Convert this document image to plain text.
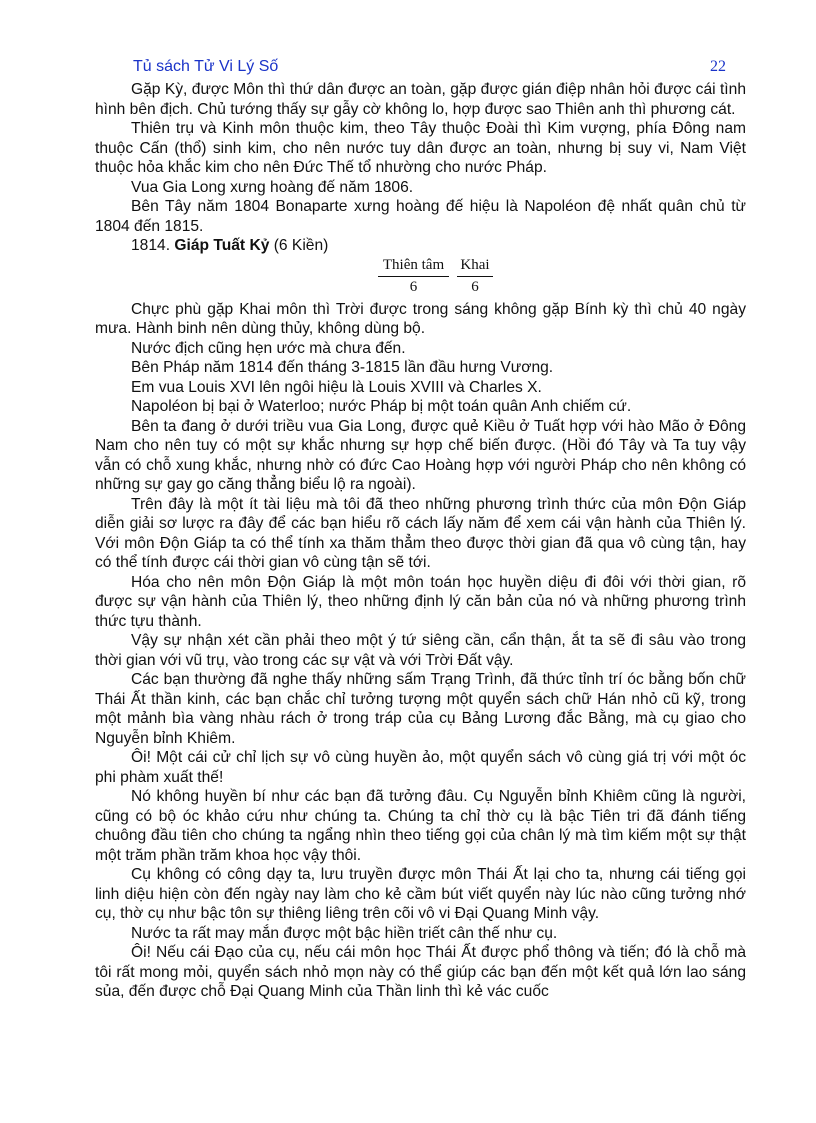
Tủ sách Tử Vi Lý Số	22

Gặp Kỳ, được Môn thì thứ dân được an toàn, gặp được gián điệp nhân hỏi được cái tình hình bên địch. Chủ tướng thấy sự gẫy cờ không lo, hợp được sao Thiên anh thì phương cát.

Thiên trụ và Kinh môn thuộc kim, theo Tây thuộc Đoài thì Kim vượng, phía Đông nam thuộc Cấn (thổ) sinh kim, cho nên nước tuy dân được an toàn, nhưng bị suy vi, Nam Việt thuộc hỏa khắc kim cho nên Đức Thế tổ nhường cho nước Pháp.

Vua Gia Long xưng hoàng đế năm 1806.

Bên Tây năm 1804 Bonaparte xưng hoàng đế hiệu là Napoléon đệ nhất quân chủ từ 1804 đến 1815.

1814. Giáp Tuất Kỷ (6 Kiền)

Thiên tâm
6
Khai
6

Chực phù gặp Khai môn thì Trời được trong sáng không gặp Bính kỳ thì chủ 40 ngày mưa. Hành binh nên dùng thủy, không dùng bộ.

Nước địch cũng hẹn ước mà chưa đến.

Bên Pháp năm 1814 đến tháng 3-1815 lần đầu hưng Vương.

Em vua Louis XVI lên ngôi hiệu là Louis XVIII và Charles X.

Napoléon bị bại ở Waterloo; nước Pháp bị một toán quân Anh chiếm cứ.

Bên ta đang ở dưới triều vua Gia Long, được quẻ Kiều ở Tuất hợp với hào Mão ở Đông Nam cho nên tuy có một sự khắc nhưng sự hợp chế biến được. (Hồi đó Tây và Ta tuy vậy vẫn có chỗ xung khắc, nhưng nhờ có đức Cao Hoàng hợp với người Pháp cho nên không có những sự gay go căng thẳng biểu lộ ra ngoài).

Trên đây là một ít tài liệu mà tôi đã theo những phương trình thức của môn Độn Giáp diễn giải sơ lược ra đây để các bạn hiểu rõ cách lấy năm để xem cái vận hành của Thiên lý. Với môn Độn Giáp ta có thể tính xa thăm thẳm theo được thời gian đã qua vô cùng tận, hay có thể tính được cái thời gian vô cùng tận sẽ tới.

Hóa cho nên môn Độn Giáp là một môn toán học huyền diệu đi đôi với thời gian, rõ được sự vận hành của Thiên lý, theo những định lý căn bản của nó và những phương trình thức tựu thành.

Vậy sự nhận xét cần phải theo một ý tứ siêng cần, cẩn thận, ắt ta sẽ đi sâu vào trong thời gian với vũ trụ, vào trong các sự vật và với Trời Đất vậy.

Các bạn thường đã nghe thấy những sấm Trạng Trình, đã thức tỉnh trí óc bằng bốn chữ Thái Ất thần kinh, các bạn chắc chỉ tưởng tượng một quyển sách chữ Hán nhỏ cũ kỹ, trong một mảnh bìa vàng nhàu rách ở trong tráp của cụ Bảng Lương đắc Bằng, mà cụ giao cho Nguyễn bỉnh Khiêm.

Ôi! Một cái cử chỉ lịch sự vô cùng huyền ảo, một quyển sách vô cùng giá trị với một óc phi phàm xuất thế!

Nó không huyền bí như các bạn đã tưởng đâu. Cụ Nguyễn bỉnh Khiêm cũng là người, cũng có bộ óc khảo cứu như chúng ta. Chúng ta chỉ thờ cụ là bậc Tiên tri đã đánh tiếng chuông đầu tiên cho chúng ta ngẩng nhìn theo tiếng gọi của chân lý mà tìm kiếm một sự thật một trăm phần trăm khoa học vậy thôi.

Cụ không có công dạy ta, lưu truyền được môn Thái Ất lại cho ta, nhưng cái tiếng gọi linh diệu hiện còn đến ngày nay làm cho kẻ cầm bút viết quyển này lúc nào cũng tưởng nhớ cụ, thờ cụ như bậc tôn sự thiêng liêng trên cõi vô vi Đại Quang Minh vậy.

Nước ta rất may mắn được một bậc hiền triết cân thế như cụ.

Ôi! Nếu cái Đạo của cụ, nếu cái môn học Thái Ất được phổ thông và tiến; đó là chỗ mà tôi rất mong mỏi, quyển sách nhỏ mọn này có thể giúp các bạn đến một kết quả lớn lao sáng sủa, đến được chỗ Đại Quang Minh của Thần linh thì kẻ vác cuốc
